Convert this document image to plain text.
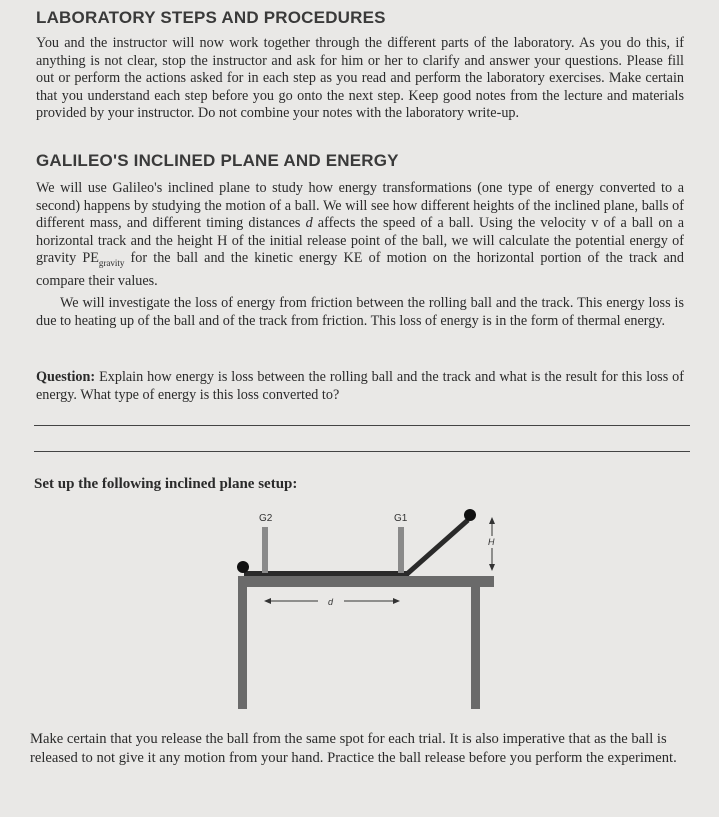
LABORATORY STEPS AND PROCEDURES

You and the instructor will now work together through the different parts of the laboratory. As you do this, if anything is not clear, stop the instructor and ask for him or her to clarify and answer your questions. Please fill out or perform the actions asked for in each step as you read and perform the laboratory exercises. Make certain that you understand each step before you go onto the next step. Keep good notes from the lecture and materials provided by your instructor. Do not combine your notes with the laboratory write-up.

GALILEO'S INCLINED PLANE AND ENERGY

We will use Galileo's inclined plane to study how energy transformations (one type of energy converted to a second) happens by studying the motion of a ball. We will see how different heights of the inclined plane, balls of different mass, and different timing distances d affects the speed of a ball. Using the velocity v of a ball on a horizontal track and the height H of the initial release point of the ball, we will calculate the potential energy of gravity $PE_{gravity}$ for the ball and the kinetic energy KE of motion on the horizontal portion of the track and compare their values.

We will investigate the loss of energy from friction between the rolling ball and the track. This energy loss is due to heating up of the ball and of the track from friction. This loss of energy is in the form of thermal energy.

Question: Explain how energy is loss between the rolling ball and the track and what is the result for this loss of energy. What type of energy is this loss converted to?

Set up the following inclined plane setup:

G2	G1
H
d

Make certain that you release the ball from the same spot for each trial. It is also imperative that as the ball is released to not give it any motion from your hand. Practice the ball release before you perform the experiment.
